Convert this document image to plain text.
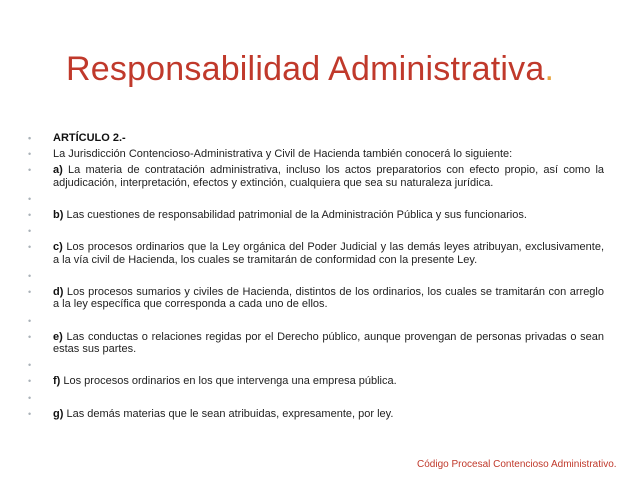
Responsabilidad Administrativa.
• ARTÍCULO 2.-
• La Jurisdicción Contencioso-Administrativa y Civil de Hacienda también conocerá lo siguiente:
• a) La materia de contratación administrativa, incluso los actos preparatorios con efecto propio, así como la adjudicación, interpretación, efectos y extinción, cualquiera que sea su naturaleza jurídica.
•
• b) Las cuestiones de responsabilidad patrimonial de la Administración Pública y sus funcionarios.
•
• c) Los procesos ordinarios que la Ley orgánica del Poder Judicial y las demás leyes atribuyan, exclusivamente, a la vía civil de Hacienda, los cuales se tramitarán de conformidad con la presente Ley.
•
• d) Los procesos sumarios y civiles de Hacienda, distintos de los ordinarios, los cuales se tramitarán con arreglo a la ley específica que corresponda a cada uno de ellos.
•
• e) Las conductas o relaciones regidas por el Derecho público, aunque provengan de personas privadas o sean estas sus partes.
•
• f) Los procesos ordinarios en los que intervenga una empresa pública.
•
• g) Las demás materias que le sean atribuidas, expresamente, por ley.
Código Procesal Contencioso Administrativo.
